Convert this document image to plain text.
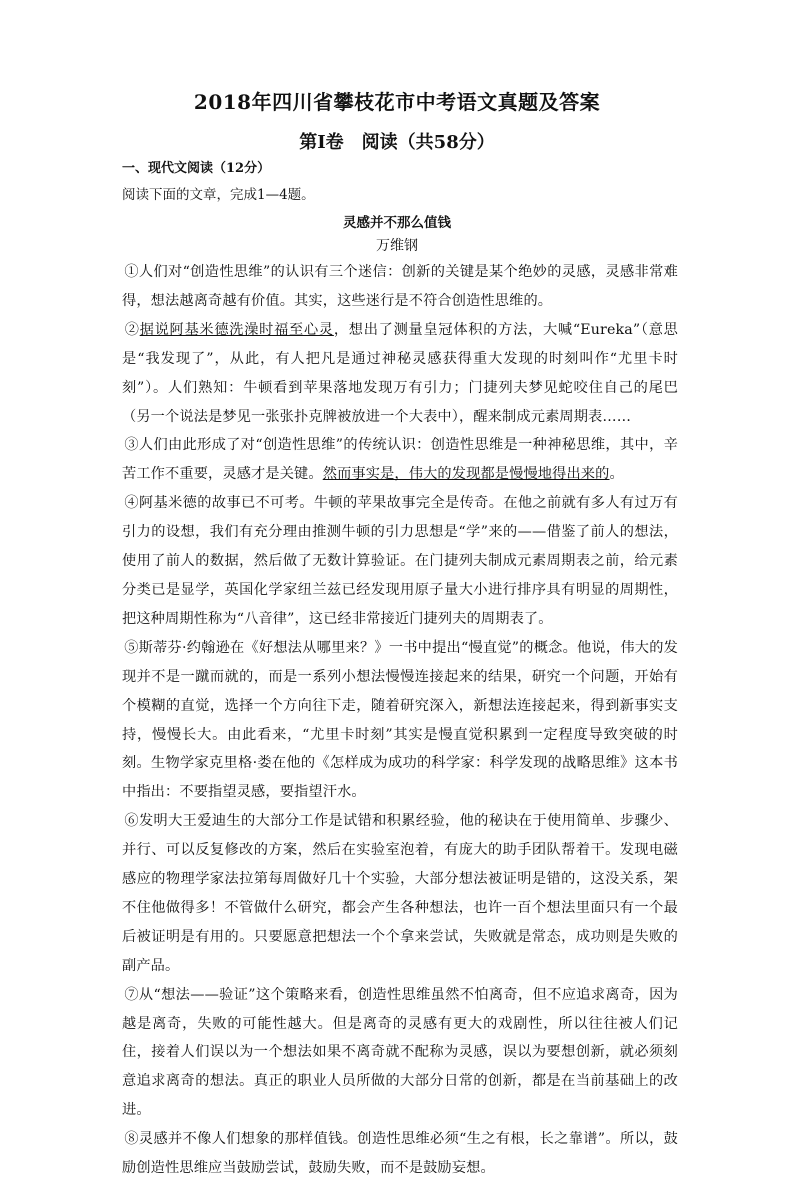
2018年四川省攀枝花市中考语文真题及答案
第Ⅰ卷 阅读（共58分）
一、现代文阅读（12分）
阅读下面的文章，完成1—4题。
灵感并不那么值钱
万维钢

①人们对“创造性思维”的认识有三个迷信：创新的关键是某个绝妙的灵感，灵感非常难得，想法越离奇越有价值。其实，这些迷行是不符合创造性思维的。

②据说阿基米德洗澡时福至心灵，想出了测量皇冠体积的方法，大喊“Eureka”（意思是“我发现了”，从此，有人把凡是通过神秘灵感获得重大发现的时刻叫作“尤里卡时刻”）。人们熟知：牛顿看到苹果落地发现万有引力；门捷列夫梦见蛇咬住自己的尾巴（另一个说法是梦见一张张扑克牌被放进一个大表中），醒来制成元素周期表……

③人们由此形成了对“创造性思维”的传统认识：创造性思维是一种神秘思维，其中，辛苦工作不重要，灵感才是关键。然而事实是，伟大的发现都是慢慢地得出来的。

④阿基米德的故事已不可考。牛顿的苹果故事完全是传奇。在他之前就有多人有过万有引力的设想，我们有充分理由推测牛顿的引力思想是“学”来的——借鉴了前人的想法，使用了前人的数据，然后做了无数计算验证。在门捷列夫制成元素周期表之前，给元素分类已是显学，英国化学家纽兰兹已经发现用原子量大小进行排序具有明显的周期性，把这种周期性称为“八音律”，这已经非常接近门捷列夫的周期表了。

⑤斯蒂芬·约翰逊在《好想法从哪里来？》一书中提出“慢直觉”的概念。他说，伟大的发现并不是一蹴而就的，而是一系列小想法慢慢连接起来的结果，研究一个问题，开始有个模糊的直觉，选择一个方向往下走，随着研究深入，新想法连接起来，得到新事实支持，慢慢长大。由此看来，“尤里卡时刻”其实是慢直觉积累到一定程度导致突破的时刻。生物学家克里格·娄在他的《怎样成为成功的科学家：科学发现的战略思维》这本书中指出：不要指望灵感，要指望汗水。

⑥发明大王爱迪生的大部分工作是试错和积累经验，他的秘诀在于使用简单、步骤少、并行、可以反复修改的方案，然后在实验室泡着，有庞大的助手团队帮着干。发现电磁感应的物理学家法拉第每周做好几十个实验，大部分想法被证明是错的，这没关系，架不住他做得多！不管做什么研究，都会产生各种想法，也许一百个想法里面只有一个最后被证明是有用的。只要愿意把想法一个个拿来尝试，失败就是常态，成功则是失败的副产品。

⑦从“想法——验证”这个策略来看，创造性思维虽然不怕离奇，但不应追求离奇，因为越是离奇，失败的可能性越大。但是离奇的灵感有更大的戏剧性，所以往往被人们记住，接着人们误以为一个想法如果不离奇就不配称为灵感，误以为要想创新，就必须刻意追求离奇的想法。真正的职业人员所做的大部分日常的创新，都是在当前基础上的改进。

⑧灵感并不像人们想象的那样值钱。创造性思维必须“生之有根，长之靠谱”。所以，鼓励创造性思维应当鼓励尝试，鼓励失败，而不是鼓励妄想。
